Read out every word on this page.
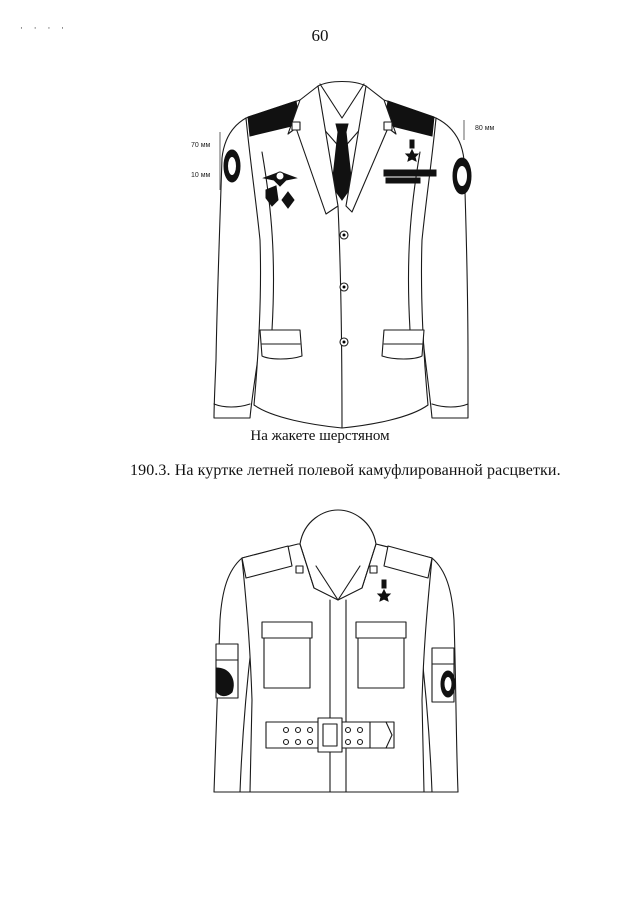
60
· · · ·
70 мм
10 мм
80 мм
На жакете шерстяном
190.3. На куртке летней полевой камуфлированной расцветки.
